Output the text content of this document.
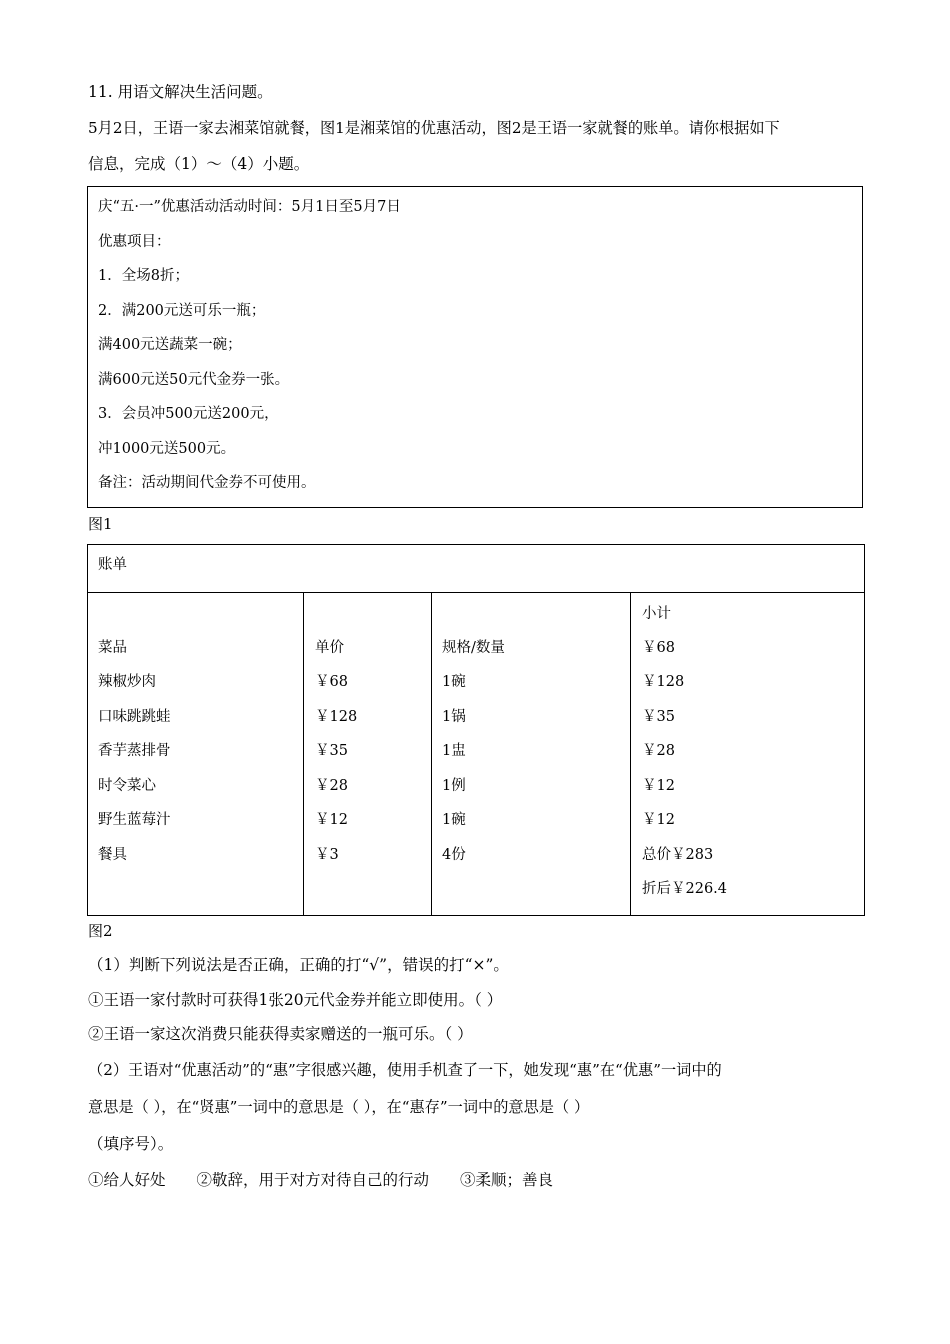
11. 用语文解决生活问题。
5月2日，王语一家去湘菜馆就餐，图1是湘菜馆的优惠活动，图2是王语一家就餐的账单。请你根据如下
信息，完成（1）～（4）小题。
庆“五·一”优惠活动活动时间：5月1日至5月7日
优惠项目：
1．全场8折；
2．满200元送可乐一瓶；
满400元送蔬菜一碗；
满600元送50元代金券一张。
3．会员冲500元送200元，
冲1000元送500元。
备注：活动期间代金券不可使用。
图1
账单
菜品
辣椒炒肉
口味跳跳蛙
香芋蒸排骨
时令菜心
野生蓝莓汁
餐具
单价
￥68
￥128
￥35
￥28
￥12
￥3
规格/数量
1碗
1锅
1盅
1例
1碗
4份
小计
￥68
￥128
￥35
￥28
￥12
￥12
总价￥283
折后￥226.4
图2
（1）判断下列说法是否正确，正确的打“√”，错误的打“×”。
①王语一家付款时可获得1张20元代金券并能立即使用。（ ）
②王语一家这次消费只能获得卖家赠送的一瓶可乐。（ ）
（2）王语对“优惠活动”的“惠”字很感兴趣，使用手机查了一下，她发现“惠”在“优惠”一词中的
意思是（ ），在“贤惠”一词中的意思是（ ），在“惠存”一词中的意思是（ ）
（填序号）。
①给人好处　　②敬辞，用于对方对待自己的行动　　③柔顺；善良
